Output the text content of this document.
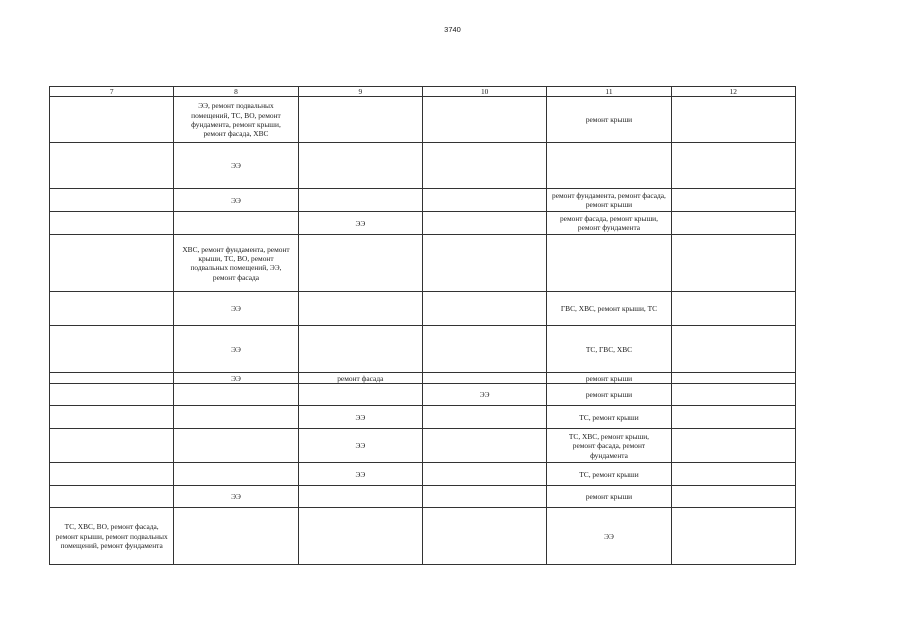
3740
7	8	9	10	11	12

	ЭЭ, ремонт подвальных помещений, ТС, ВО, ремонт фундамента, ремонт крыши, ремонт фасада, ХВС			ремонт крыши	
	ЭЭ				
	ЭЭ			ремонт фундамента, ремонт фасада, ремонт крыши	
		ЭЭ		ремонт фасада, ремонт крыши, ремонт фундамента	

	ХВС, ремонт фундамента, ремонт крыши, ТС, ВО, ремонт подвальных помещений, ЭЭ, ремонт фасада				

	ЭЭ			ГВС, ХВС, ремонт крыши, ТС	
	ЭЭ			ТС, ГВС, ХВС	
	ЭЭ	ремонт фасада		ремонт крыши	
			ЭЭ	ремонт крыши	
		ЭЭ		ТС, ремонт крыши	
		ЭЭ		ТС, ХВС, ремонт крыши, ремонт фасада, ремонт фундамента	

		ЭЭ		ТС, ремонт крыши	
	ЭЭ			ремонт крыши	

ТС, ХВС, ВО, ремонт фасада, ремонт крыши, ремонт подвальных помещений, ремонт фундамента				ЭЭ	
